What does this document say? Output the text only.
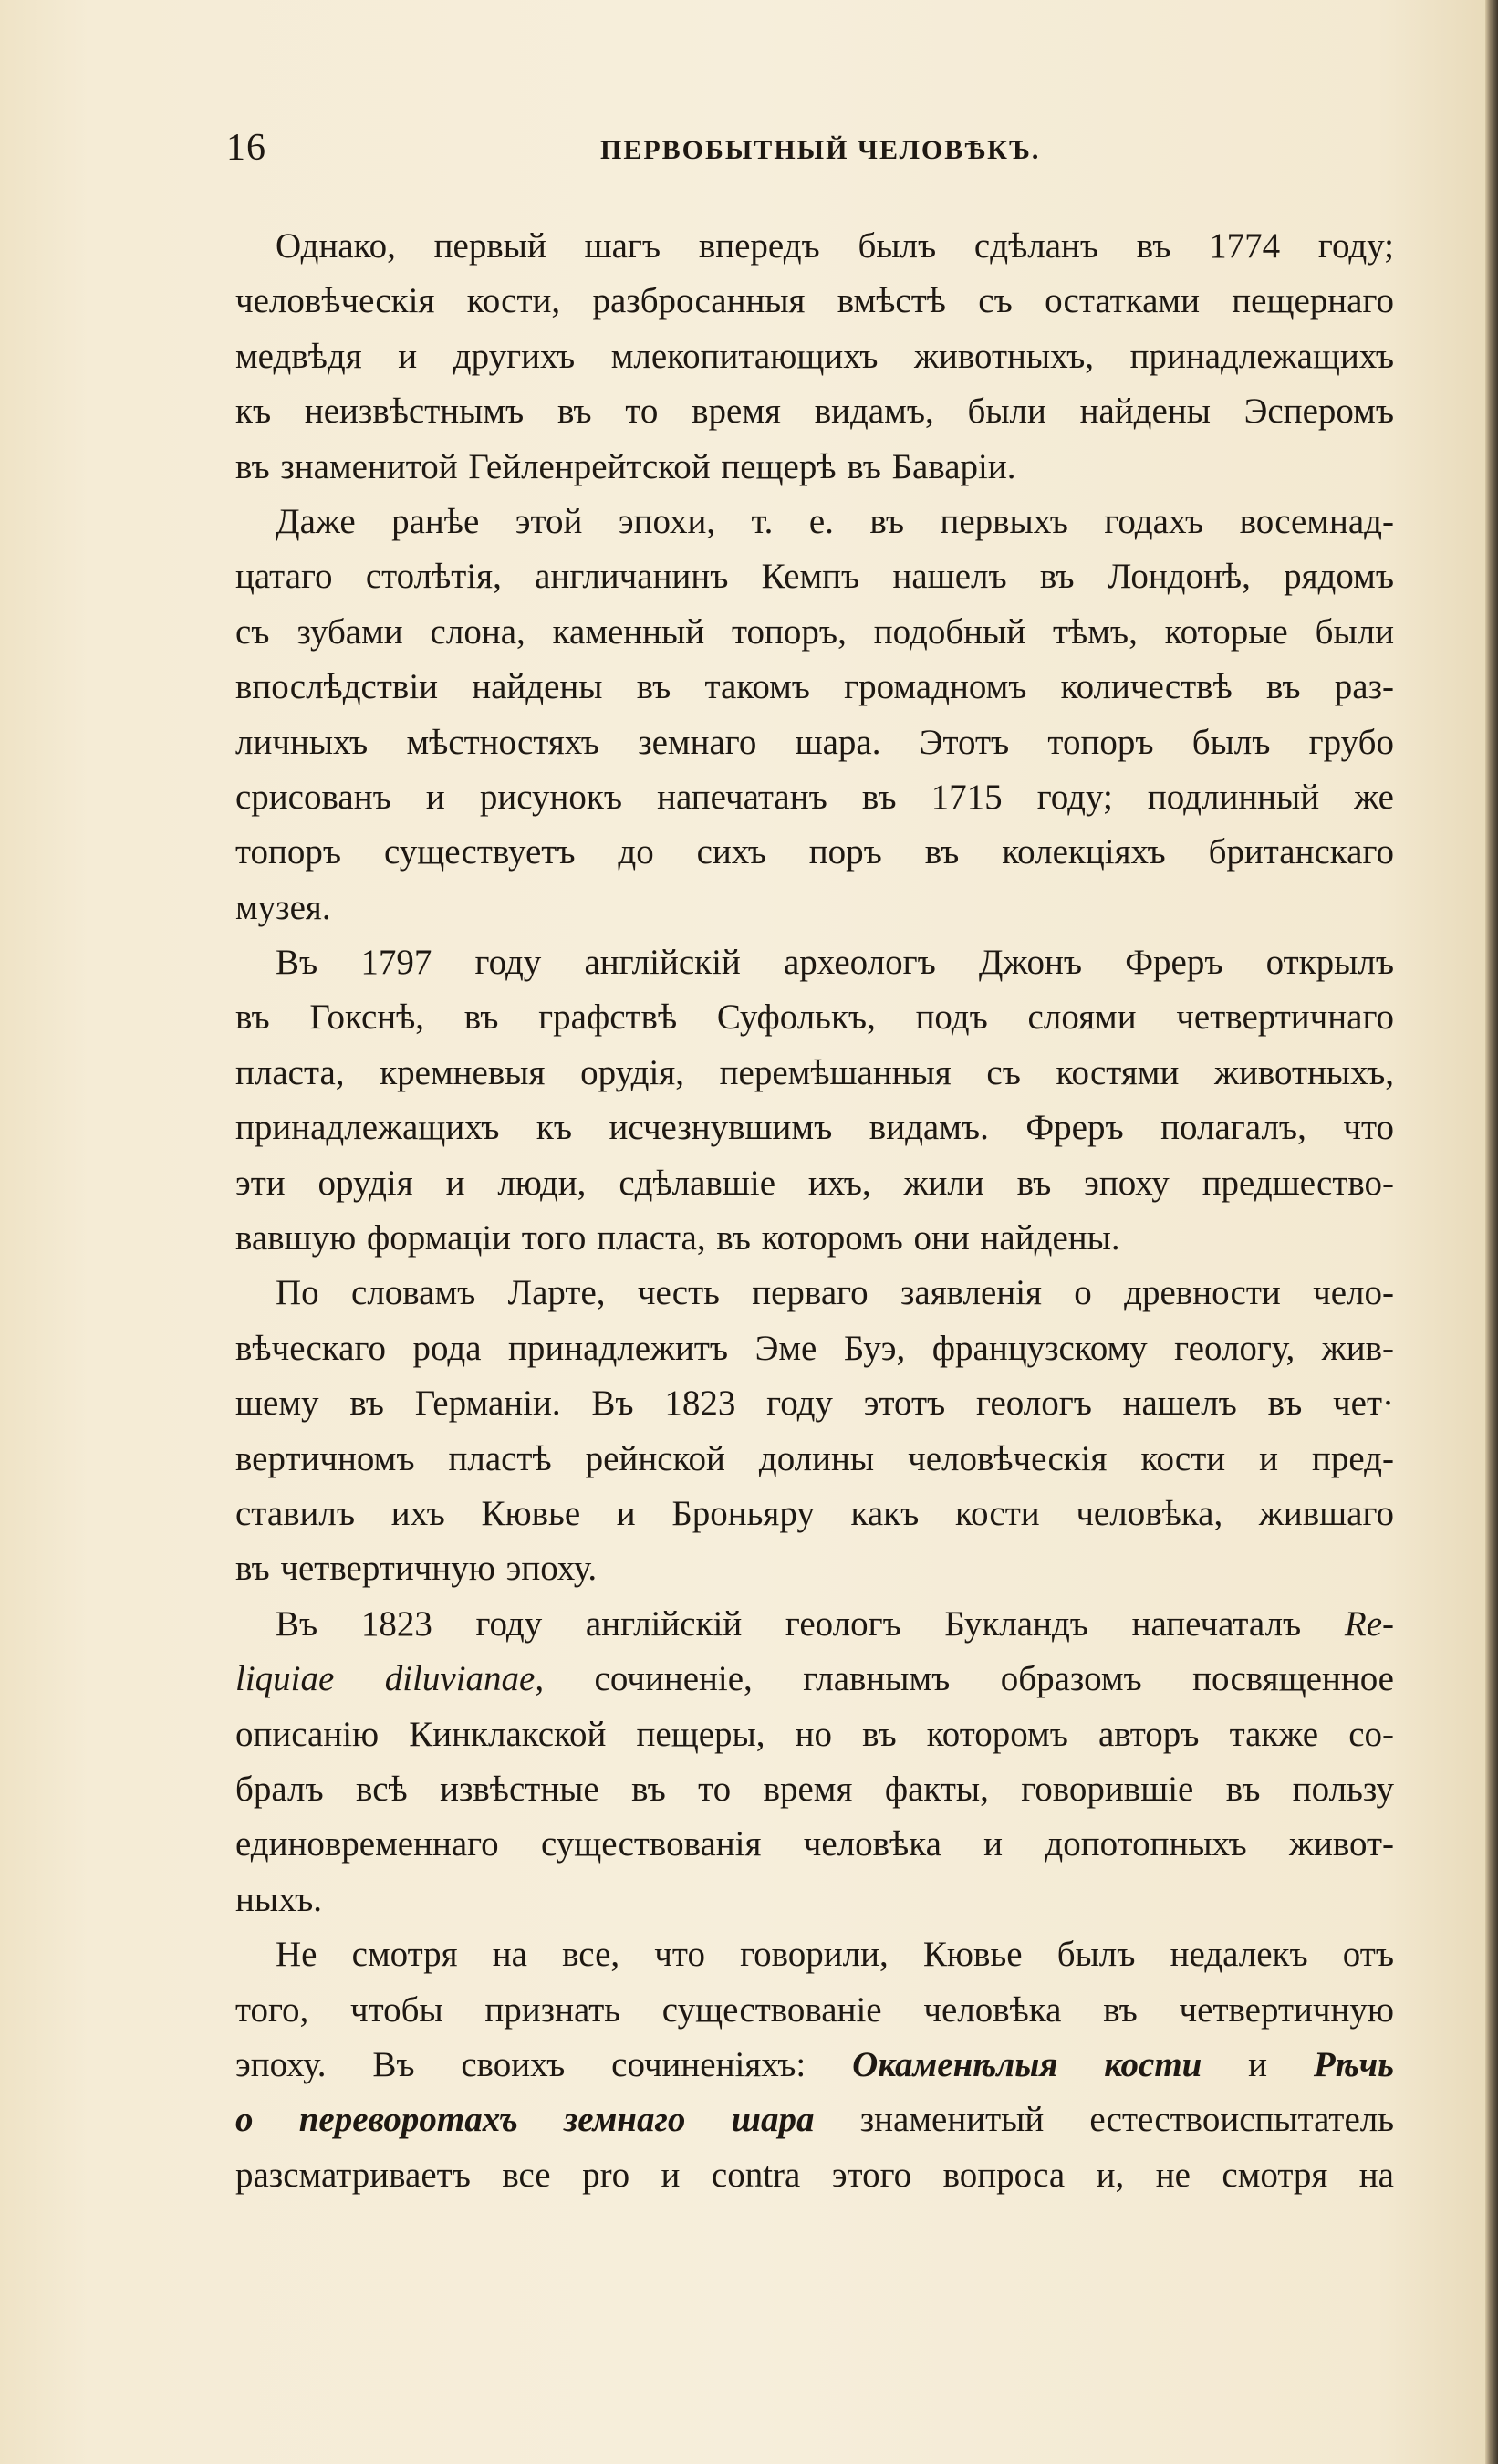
16	ПЕРВОБЫТНЫЙ ЧЕЛОВѢКЪ.
Однако, первый шагъ впередъ былъ сдѣланъ въ 1774 году;
человѣческія кости, разбросанныя вмѣстѣ съ остатками пещернаго
медвѣдя и другихъ млекопитающихъ животныхъ, принадлежащихъ
къ неизвѣстнымъ въ то время видамъ, были найдены Эсперомъ
въ знаменитой Гейленрейтской пещерѣ въ Баваріи.
Даже ранѣе этой эпохи, т. е. въ первыхъ годахъ восемнад-
цатаго столѣтія, англичанинъ Кемпъ нашелъ въ Лондонѣ, рядомъ
съ зубами слона, каменный топоръ, подобный тѣмъ, которые были
впослѣдствіи найдены въ такомъ громадномъ количествѣ въ раз-
личныхъ мѣстностяхъ земнаго шара. Этотъ топоръ былъ грубо
срисованъ и рисунокъ напечатанъ въ 1715 году; подлинный же
топоръ существуетъ до сихъ поръ въ колекціяхъ британскаго
музея.
Въ 1797 году англійскій археологъ Джонъ Фреръ открылъ
въ Гокснѣ, въ графствѣ Суфолькъ, подъ слоями четвертичнаго
пласта, кремневыя орудія, перемѣшанныя съ костями животныхъ,
принадлежащихъ къ исчезнувшимъ видамъ. Фреръ полагалъ, что
эти орудія и люди, сдѣлавшіе ихъ, жили въ эпоху предшество-
вавшую формаціи того пласта, въ которомъ они найдены.
По словамъ Ларте, честь перваго заявленія о древности чело-
вѣческаго рода принадлежитъ Эме Буэ, французскому геологу, жив-
шему въ Германіи. Въ 1823 году этотъ геологъ нашелъ въ чет·
вертичномъ пластѣ рейнской долины человѣческія кости и пред-
ставилъ ихъ Кювье и Броньяру какъ кости человѣка, жившаго
въ четвертичную эпоху.
Въ 1823 году англійскій геологъ Букландъ напечаталъ Re-
liquiae diluvianae, сочиненіе, главнымъ образомъ посвященное
описанію Кинклакской пещеры, но въ которомъ авторъ также со-
бралъ всѣ извѣстные въ то время факты, говорившіе въ пользу
единовременнаго существованія человѣка и допотопныхъ живот-
ныхъ.
Не смотря на все, что говорили, Кювье былъ недалекъ отъ
того, чтобы признать существованіе человѣка въ четвертичную
эпоху. Въ своихъ сочиненіяхъ: Окаменѣлыя кости и Рѣчь
о переворотахъ земнаго шара знаменитый естествоиспытатель
разсматриваетъ все pro и contra этого вопроса и, не смотря на
